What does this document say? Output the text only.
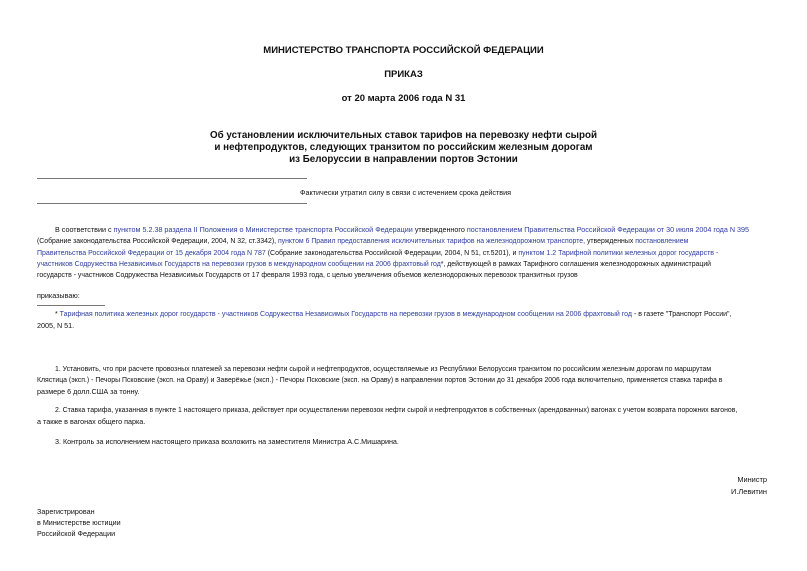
МИНИСТЕРСТВО ТРАНСПОРТА РОССИЙСКОЙ ФЕДЕРАЦИИ
ПРИКАЗ
от 20 марта 2006 года N 31
Об установлении исключительных ставок тарифов на перевозку нефти сырой
и нефтепродуктов, следующих транзитом по российским железным дорогам
из Белоруссии в направлении портов Эстонии
Фактически утратил силу в связи с истечением срока действия
В соответствии с пунктом 5.2.38 раздела II Положения о Министерстве транспорта Российской Федерации утвержденного постановлением Правительства Российской Федерации от 30 июля 2004 года N 395
(Собрание законодательства Российской Федерации, 2004, N 32, ст.3342), пунктом 6 Правил предоставления исключительных тарифов на железнодорожном транспорте, утвержденных постановлением
Правительства Российской Федерации от 15 декабря 2004 года N 787 (Собрание законодательства Российской Федерации, 2004, N 51, ст.5201), и пунктом 1.2 Тарифной политики железных дорог государств -
участников Содружества Независимых Государств на перевозки грузов в международном сообщении на 2006 фрахтовый год*, действующей в рамках Тарифного соглашения железнодорожных администраций
государств - участников Содружества Независимых Государств от 17 февраля 1993 года, с целью увеличения объемов железнодорожных перевозок транзитных грузов
приказываю:
* Тарифная политика железных дорог государств - участников Содружества Независимых Государств на перевозки грузов в международном сообщении на 2006 фрахтовый год - в газете "Транспорт России",
2005, N 51.
1. Установить, что при расчете провозных платежей за перевозки нефти сырой и нефтепродуктов, осуществляемые из Республики Белоруссия транзитом по российским железным дорогам по маршрутам
Клястица (эксп.) - Печоры Псковские (эксп. на Ораву) и Заверёжье (эксп.) - Печоры Псковские (эксп. на Ораву) в направлении портов Эстонии до 31 декабря 2006 года включительно, применяется ставка тарифа в
размере 6 долл.США за тонну.
2. Ставка тарифа, указанная в пункте 1 настоящего приказа, действует при осуществлении перевозок нефти сырой и нефтепродуктов в собственных (арендованных) вагонах с учетом возврата порожних вагонов,
а также в вагонах общего парка.
3. Контроль за исполнением настоящего приказа возложить на заместителя Министра А.С.Мишарина.
Министр
И.Левитин
Зарегистрирован
в Министерстве юстиции
Российской Федерации
